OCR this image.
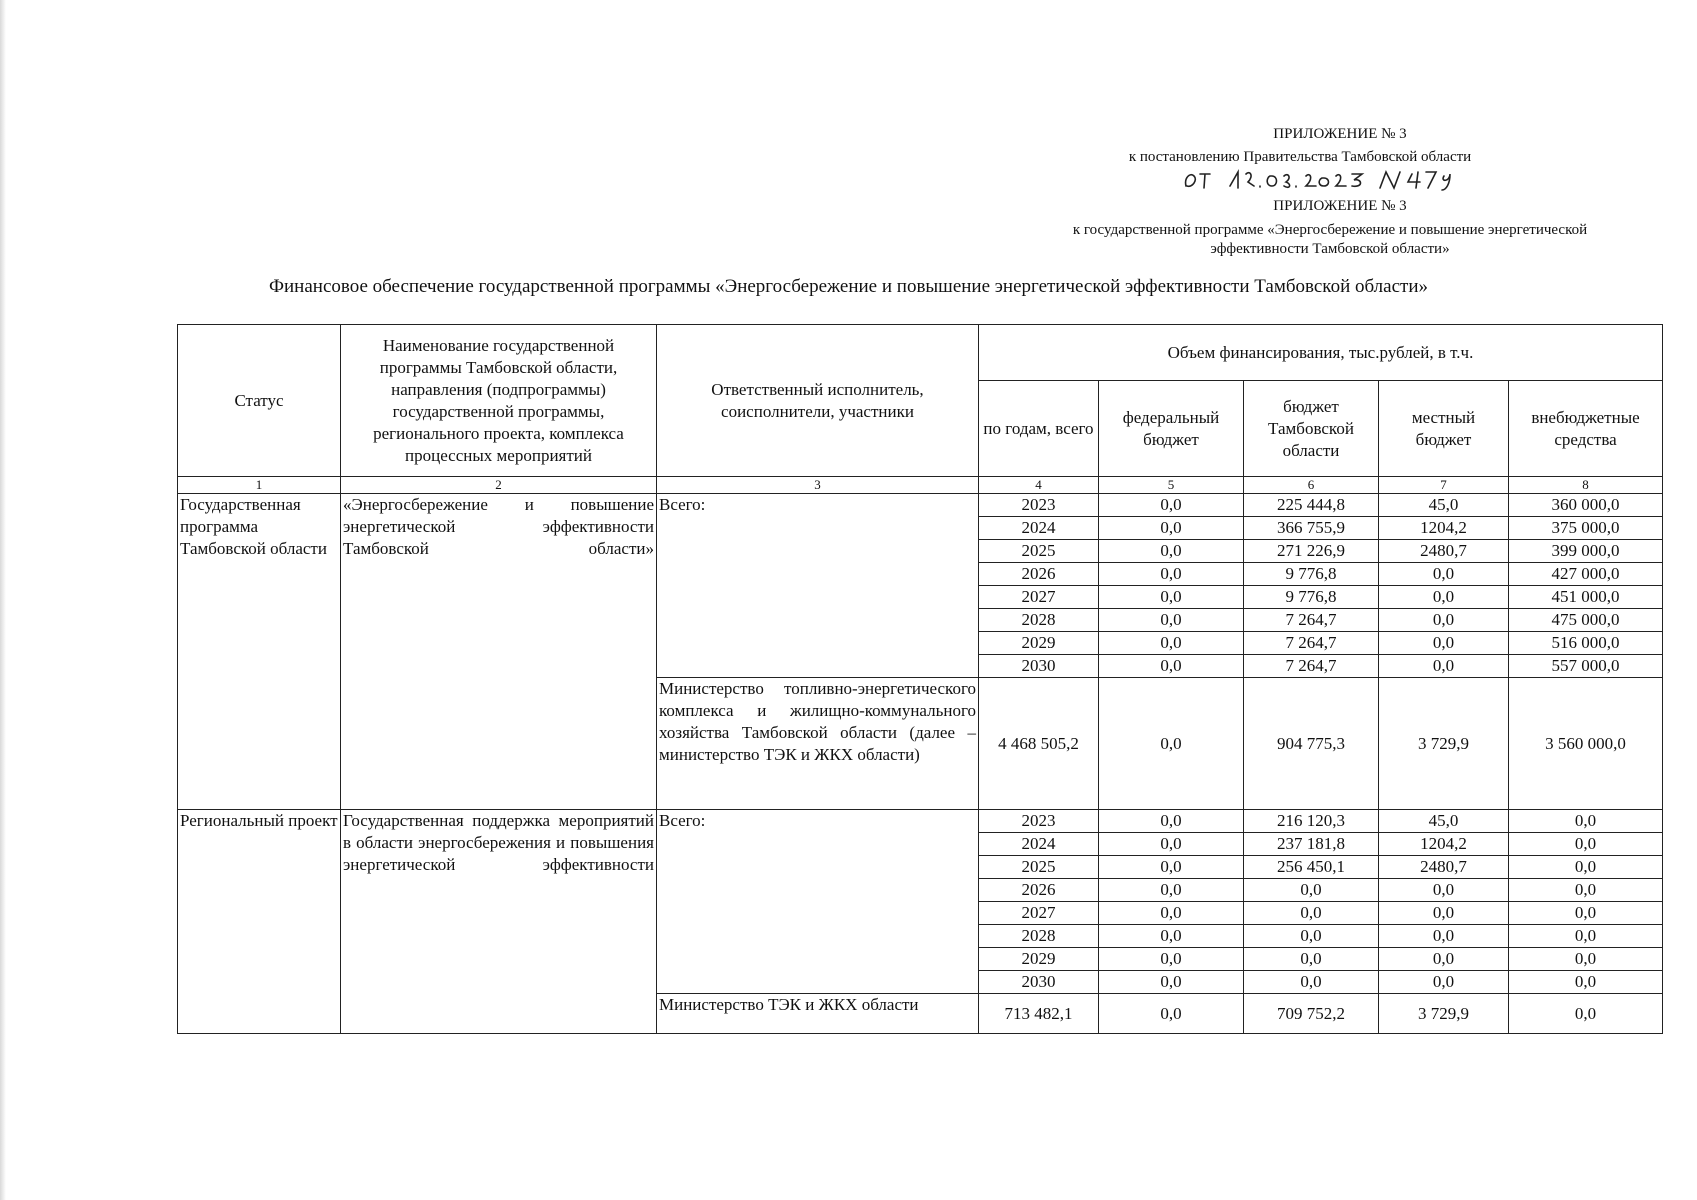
ПРИЛОЖЕНИЕ № 3
к постановлению Правительства Тамбовской области
ПРИЛОЖЕНИЕ № 3
к государственной программе «Энергосбережение и повышение энергетической
эффективности Тамбовской области»
Финансовое обеспечение государственной программы «Энергосбережение и повышение энергетической эффективности Тамбовской области»
Статус	Наименование государственной программы Тамбовской области, направления (подпрограммы) государственной программы, регионального проекта, комплекса процессных мероприятий	Ответственный исполнитель, соисполнители, участники	Объем финансирования, тыс.рублей, в т.ч.				
			по годам, всего	федеральный бюджет	бюджет Тамбовской области	местный бюджет	внебюджетные средства
1	2	3	4	5	6	7	8
Государственная программа Тамбовской области	«Энергосбережение и повышение энергетической эффективности Тамбовской области»	Всего:	2023	0,0	225 444,8	45,0	360 000,0
			2024	0,0	366 755,9	1204,2	375 000,0
			2025	0,0	271 226,9	2480,7	399 000,0
			2026	0,0	9 776,8	0,0	427 000,0
			2027	0,0	9 776,8	0,0	451 000,0
			2028	0,0	7 264,7	0,0	475 000,0
			2029	0,0	7 264,7	0,0	516 000,0
			2030	0,0	7 264,7	0,0	557 000,0
		Министерство топливно-энергетического комплекса и жилищно-коммунального хозяйства Тамбовской области (далее – министерство ТЭК и ЖКХ области)	4 468 505,2	0,0	904 775,3	3 729,9	3 560 000,0
Региональный проект	Государственная поддержка мероприятий в области энергосбережения и повышения энергетической эффективности	Всего:	2023	0,0	216 120,3	45,0	0,0
			2024	0,0	237 181,8	1204,2	0,0
			2025	0,0	256 450,1	2480,7	0,0
			2026	0,0	0,0	0,0	0,0
			2027	0,0	0,0	0,0	0,0
			2028	0,0	0,0	0,0	0,0
			2029	0,0	0,0	0,0	0,0
			2030	0,0	0,0	0,0	0,0
		Министерство ТЭК и ЖКХ области	713 482,1	0,0	709 752,2	3 729,9	0,0
